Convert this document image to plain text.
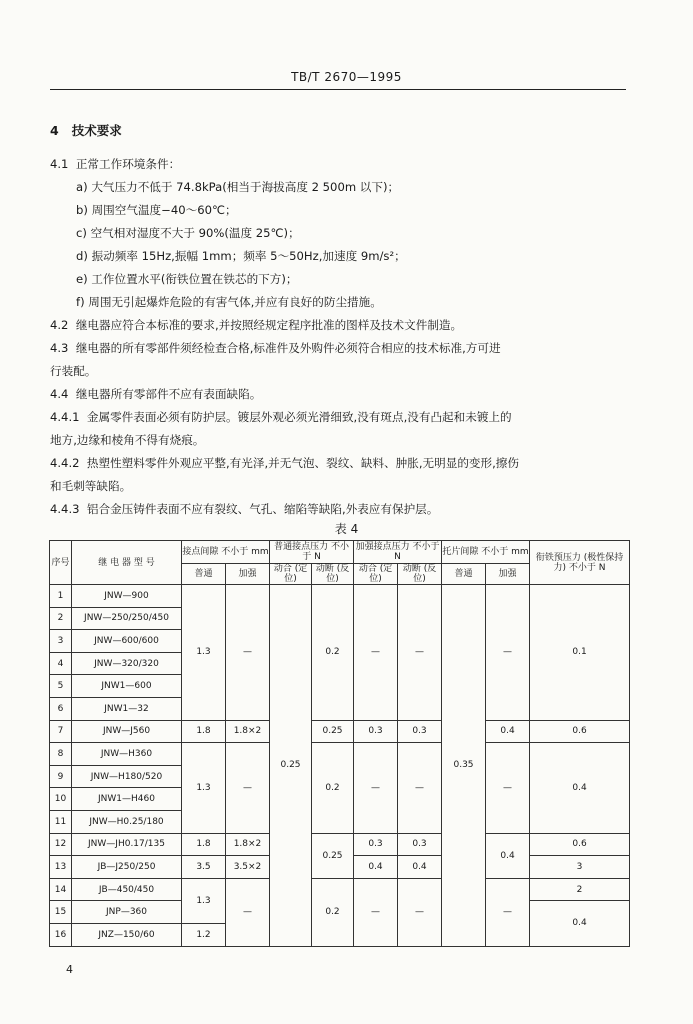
TB/T 2670—1995
4 技术要求
4.1 正常工作环境条件：
a) 大气压力不低于 74.8kPa(相当于海拔高度 2 500m 以下)；
b) 周围空气温度−40～60℃；
c) 空气相对湿度不大于 90%(温度 25℃)；
d) 振动频率 15Hz,振幅 1mm；频率 5～50Hz,加速度 9m/s²；
e) 工作位置水平(衔铁位置在铁芯的下方)；
f) 周围无引起爆炸危险的有害气体,并应有良好的防尘措施。
4.2 继电器应符合本标准的要求,并按照经规定程序批准的图样及技术文件制造。
4.3 继电器的所有零部件须经检查合格,标准件及外购件必须符合相应的技术标准,方可进
行装配。
4.4 继电器所有零部件不应有表面缺陷。
4.4.1 金属零件表面必须有防护层。镀层外观必须光滑细致,没有斑点,没有凸起和未镀上的
地方,边缘和棱角不得有烧痕。
4.4.2 热塑性塑料零件外观应平整,有光泽,并无气泡、裂纹、缺料、肿胀,无明显的变形,擦伤
和毛刺等缺陷。
4.4.3 铝合金压铸件表面不应有裂纹、气孔、缩陷等缺陷,外表应有保护层。
表 4
序号	继 电 器 型 号	接点间隙 不小于 mm		普通接点压力 不小于 N		加强接点压力 不小于 N		托片间隙 不小于 mm		衔铁预压力 (极性保持力) 不小于 N
		普通	加强	动合 (定位)	动断 (反位)	动合 (定位)	动断 (反位)	普通	加强	
1	JNW—900	1.3	—	0.25	0.2	—	—	0.35	—	0.1
2	JNW—250/250/450									
3	JNW—600/600									
4	JNW—320/320									
5	JNW1—600									
6	JNW1—32									
7	JNW—J560	1.8	1.8×2		0.25	0.3	0.3		0.4	0.6
8	JNW—H360	1.3	—		0.2	—	—		—	0.4
9	JNW—H180/520									
10	JNW1—H460									
11	JNW—H0.25/180									
12	JNW—JH0.17/135	1.8	1.8×2		0.25	0.3	0.3		0.4	0.6
13	JB—J250/250	3.5	3.5×2			0.4	0.4			3
14	JB—450/450	1.3	—		0.2	—	—		—	2
15	JNP—360									0.4
16	JNZ—150/60	1.2								
4
